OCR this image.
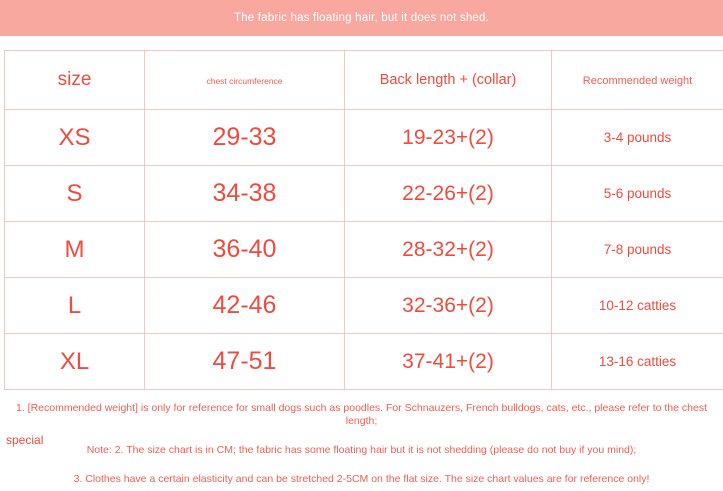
The fabric has floating hair, but it does not shed.
size	chest circumference	Back length + (collar)	Recommended weight
XS	29-33	19-23+(2)	3-4 pounds
S	34-38	22-26+(2)	5-6 pounds
M	36-40	28-32+(2)	7-8 pounds
L	42-46	32-36+(2)	10-12 catties
XL	47-51	37-41+(2)	13-16 catties
special

1. [Recommended weight] is only for reference for small dogs such as poodles. For Schnauzers, French bulldogs, cats, etc., please refer to the chest length;

Note: 2. The size chart is in CM; the fabric has some floating hair but it is not shedding (please do not buy if you mind);

3. Clothes have a certain elasticity and can be stretched 2-5CM on the flat size. The size chart values are for reference only!
